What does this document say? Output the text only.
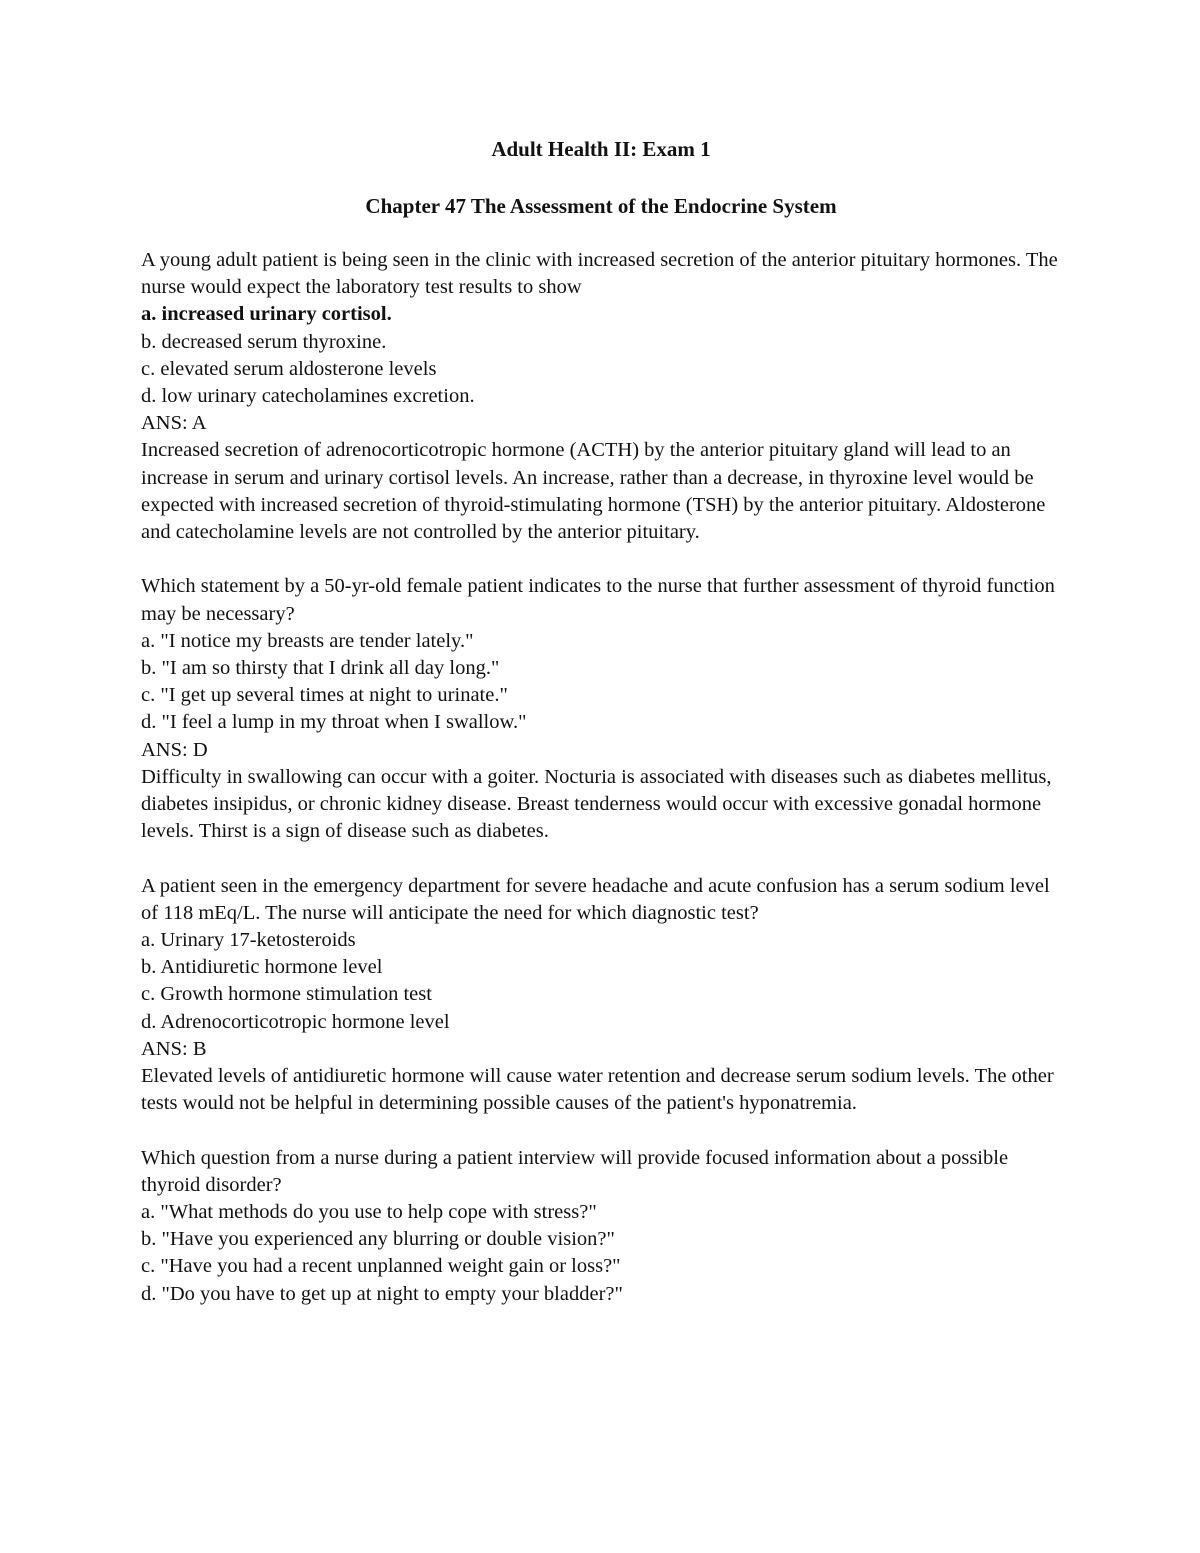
Adult Health II: Exam 1
Chapter 47 The Assessment of the Endocrine System

A young adult patient is being seen in the clinic with increased secretion of the anterior pituitary hormones. The nurse would expect the laboratory test results to show

a. increased urinary cortisol.

b. decreased serum thyroxine.

c. elevated serum aldosterone levels

d. low urinary catecholamines excretion.

ANS: A

Increased secretion of adrenocorticotropic hormone (ACTH) by the anterior pituitary gland will lead to an increase in serum and urinary cortisol levels. An increase, rather than a decrease, in thyroxine level would be expected with increased secretion of thyroid-stimulating hormone (TSH) by the anterior pituitary. Aldosterone and catecholamine levels are not controlled by the anterior pituitary.

Which statement by a 50-yr-old female patient indicates to the nurse that further assessment of thyroid function may be necessary?

a. "I notice my breasts are tender lately."

b. "I am so thirsty that I drink all day long."

c. "I get up several times at night to urinate."

d. "I feel a lump in my throat when I swallow."

ANS: D

Difficulty in swallowing can occur with a goiter. Nocturia is associated with diseases such as diabetes mellitus, diabetes insipidus, or chronic kidney disease. Breast tenderness would occur with excessive gonadal hormone levels. Thirst is a sign of disease such as diabetes.

A patient seen in the emergency department for severe headache and acute confusion has a serum sodium level of 118 mEq/L. The nurse will anticipate the need for which diagnostic test?

a. Urinary 17-ketosteroids

b. Antidiuretic hormone level

c. Growth hormone stimulation test

d. Adrenocorticotropic hormone level

ANS: B

Elevated levels of antidiuretic hormone will cause water retention and decrease serum sodium levels. The other tests would not be helpful in determining possible causes of the patient's hyponatremia.

Which question from a nurse during a patient interview will provide focused information about a possible thyroid disorder?

a. "What methods do you use to help cope with stress?"

b. "Have you experienced any blurring or double vision?"

c. "Have you had a recent unplanned weight gain or loss?"

d. "Do you have to get up at night to empty your bladder?"
